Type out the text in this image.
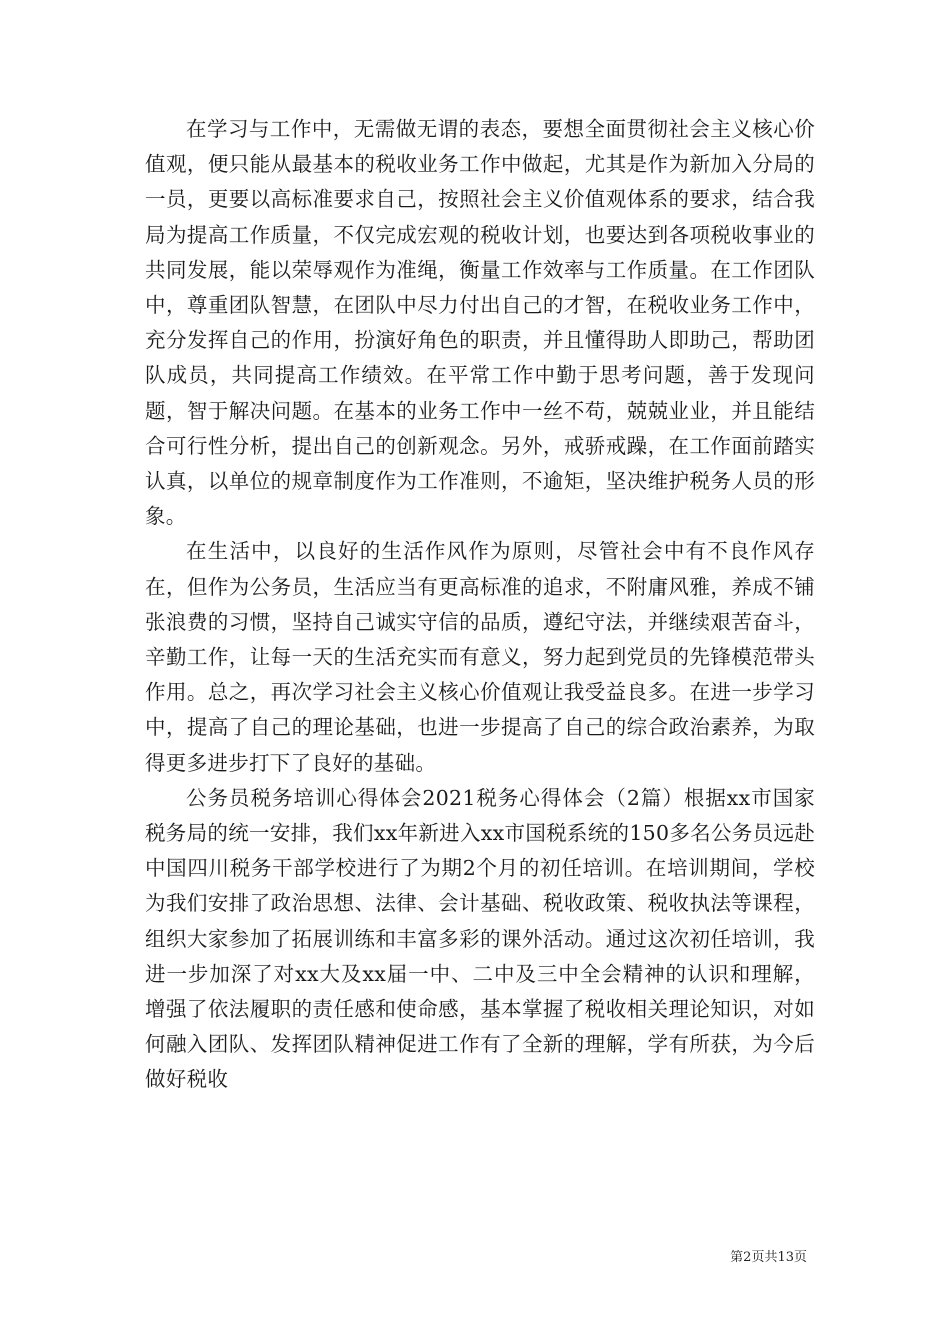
在学习与工作中，无需做无谓的表态，要想全面贯彻社会主义核心价值观，便只能从最基本的税收业务工作中做起，尤其是作为新加入分局的一员，更要以高标准要求自己，按照社会主义价值观体系的要求，结合我局为提高工作质量，不仅完成宏观的税收计划，也要达到各项税收事业的共同发展，能以荣辱观作为准绳，衡量工作效率与工作质量。在工作团队中，尊重团队智慧，在团队中尽力付出自己的才智，在税收业务工作中，充分发挥自己的作用，扮演好角色的职责，并且懂得助人即助己，帮助团队成员，共同提高工作绩效。在平常工作中勤于思考问题，善于发现问题，智于解决问题。在基本的业务工作中一丝不苟，兢兢业业，并且能结合可行性分析，提出自己的创新观念。另外，戒骄戒躁，在工作面前踏实认真，以单位的规章制度作为工作准则，不逾矩，坚决维护税务人员的形象。

在生活中，以良好的生活作风作为原则，尽管社会中有不良作风存在，但作为公务员，生活应当有更高标准的追求，不附庸风雅，养成不铺张浪费的习惯，坚持自己诚实守信的品质，遵纪守法，并继续艰苦奋斗，辛勤工作，让每一天的生活充实而有意义，努力起到党员的先锋模范带头作用。总之，再次学习社会主义核心价值观让我受益良多。在进一步学习中，提高了自己的理论基础，也进一步提高了自己的综合政治素养，为取得更多进步打下了良好的基础。

公务员税务培训心得体会2021税务心得体会（2篇）根据xx市国家税务局的统一安排，我们xx年新进入xx市国税系统的150多名公务员远赴中国四川税务干部学校进行了为期2个月的初任培训。在培训期间，学校为我们安排了政治思想、法律、会计基础、税收政策、税收执法等课程，组织大家参加了拓展训练和丰富多彩的课外活动。通过这次初任培训，我进一步加深了对xx大及xx届一中、二中及三中全会精神的认识和理解，增强了依法履职的责任感和使命感，基本掌握了税收相关理论知识，对如何融入团队、发挥团队精神促进工作有了全新的理解，学有所获，为今后做好税收

第2页共13页
